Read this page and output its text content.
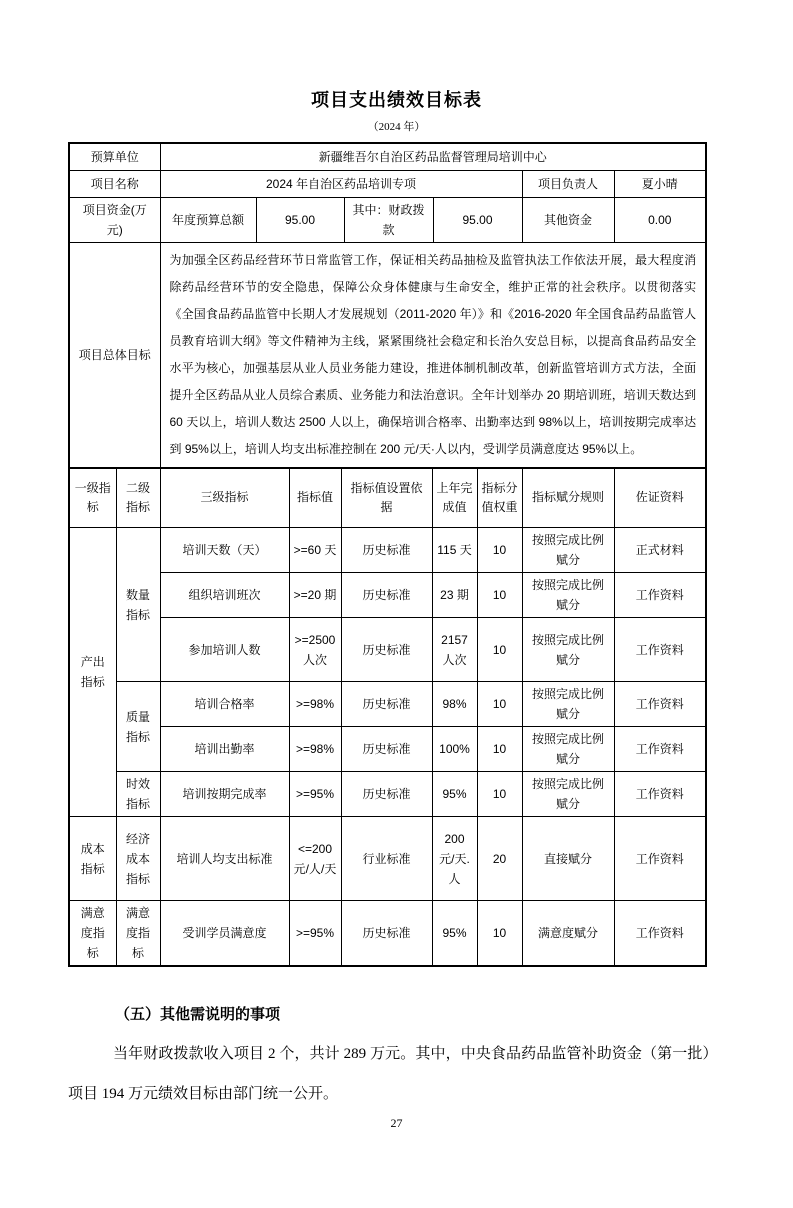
项目支出绩效目标表
（2024 年）
预算单位	新疆维吾尔自治区药品监督管理局培训中心					
项目名称	2024 年自治区药品培训专项				项目负责人	夏小晴
项目资金(万元)	年度预算总额	95.00	其中：财政拨款	95.00	其他资金	0.00
项目总体目标	为加强全区药品经营环节日常监管工作，保证相关药品抽检及监管执法工作依法开展，最大程度消除药品经营环节的安全隐患，保障公众身体健康与生命安全，维护正常的社会秩序。以贯彻落实《全国食品药品监管中长期人才发展规划（2011-2020 年）》和《2016-2020 年全国食品药品监管人员教育培训大纲》等文件精神为主线，紧紧围绕社会稳定和长治久安总目标，以提高食品药品安全水平为核心，加强基层从业人员业务能力建设，推进体制机制改革，创新监管培训方式方法，全面提升全区药品从业人员综合素质、业务能力和法治意识。全年计划举办 20 期培训班，培训天数达到 60 天以上，培训人数达 2500 人以上，确保培训合格率、出勤率达到 98%以上，培训按期完成率达到 95%以上，培训人均支出标准控制在 200 元/天·人以内，受训学员满意度达 95%以上。					
一级指标	二级指标	三级指标	指标值	指标值设置依据	上年完成值	指标分值权重	指标赋分规则	佐证资料
产出指标	数量指标	培训天数（天）	>=60 天	历史标准	115 天	10	按照完成比例赋分	正式材料
		组织培训班次	>=20 期	历史标准	23 期	10	按照完成比例赋分	工作资料
		参加培训人数	>=2500 人次	历史标准	2157 人次	10	按照完成比例赋分	工作资料
	质量指标	培训合格率	>=98%	历史标准	98%	10	按照完成比例赋分	工作资料
		培训出勤率	>=98%	历史标准	100%	10	按照完成比例赋分	工作资料
	时效指标	培训按期完成率	>=95%	历史标准	95%	10	按照完成比例赋分	工作资料
成本指标	经济成本指标	培训人均支出标准	<=200 元/人/天	行业标准	200 元/天.人	20	直接赋分	工作资料
满意度指标	满意度指标	受训学员满意度	>=95%	历史标准	95%	10	满意度赋分	工作资料
（五）其他需说明的事项
当年财政拨款收入项目 2 个，共计 289 万元。其中，中央食品药品监管补助资金（第一批）项目 194 万元绩效目标由部门统一公开。
27
